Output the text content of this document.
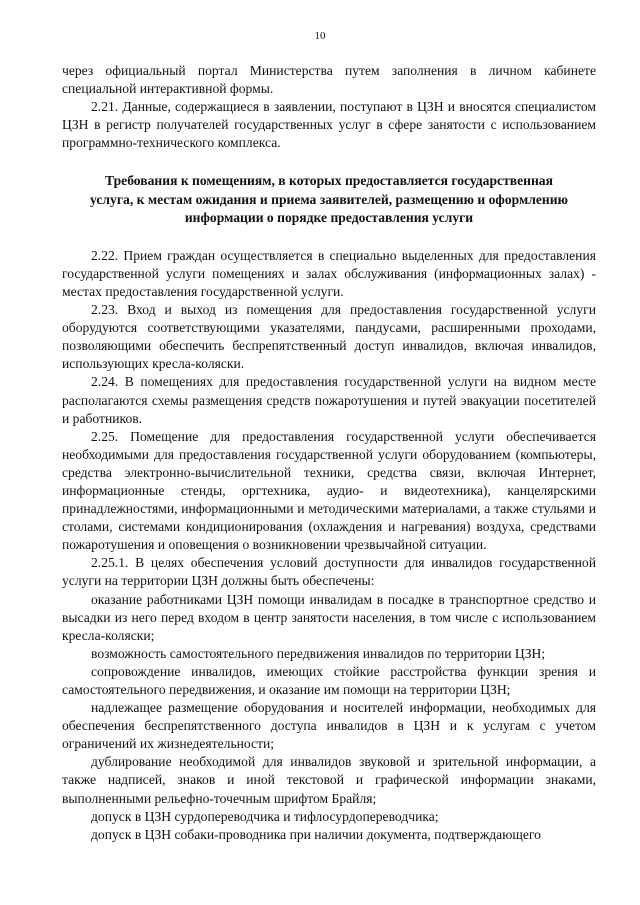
10

через официальный портал Министерства путем заполнения в личном кабинете специальной интерактивной формы.

2.21. Данные, содержащиеся в заявлении, поступают в ЦЗН и вносятся специалистом ЦЗН в регистр получателей государственных услуг в сфере занятости с использованием программно-технического комплекса.

Требования к помещениям, в которых предоставляется государственная
услуга, к местам ожидания и приема заявителей, размещению и оформлению
информации о порядке предоставления услуги

2.22. Прием граждан осуществляется в специально выделенных для предоставления государственной услуги помещениях и залах обслуживания (информационных залах) - местах предоставления государственной услуги.

2.23. Вход и выход из помещения для предоставления государственной услуги оборудуются соответствующими указателями, пандусами, расширенными проходами, позволяющими обеспечить беспрепятственный доступ инвалидов, включая инвалидов, использующих кресла-коляски.

2.24. В помещениях для предоставления государственной услуги на видном месте располагаются схемы размещения средств пожаротушения и путей эвакуации посетителей и работников.

2.25. Помещение для предоставления государственной услуги обеспечивается необходимыми для предоставления государственной услуги оборудованием (компьютеры, средства электронно-вычислительной техники, средства связи, включая Интернет, информационные стенды, оргтехника, аудио- и видеотехника), канцелярскими принадлежностями, информационными и методическими материалами, а также стульями и столами, системами кондиционирования (охлаждения и нагревания) воздуха, средствами пожаротушения и оповещения о возникновении чрезвычайной ситуации.

2.25.1. В целях обеспечения условий доступности для инвалидов государственной услуги на территории ЦЗН должны быть обеспечены:

оказание работниками ЦЗН помощи инвалидам в посадке в транспортное средство и высадки из него перед входом в центр занятости населения, в том числе с использованием кресла-коляски;

возможность самостоятельного передвижения инвалидов по территории ЦЗН;

сопровождение инвалидов, имеющих стойкие расстройства функции зрения и самостоятельного передвижения, и оказание им помощи на территории ЦЗН;

надлежащее размещение оборудования и носителей информации, необходимых для обеспечения беспрепятственного доступа инвалидов в ЦЗН и к услугам с учетом ограничений их жизнедеятельности;

дублирование необходимой для инвалидов звуковой и зрительной информации, а также надписей, знаков и иной текстовой и графической информации знаками, выполненными рельефно-точечным шрифтом Брайля;

допуск в ЦЗН сурдопереводчика и тифлосурдопереводчика;

допуск в ЦЗН собаки-проводника при наличии документа, подтверждающего
